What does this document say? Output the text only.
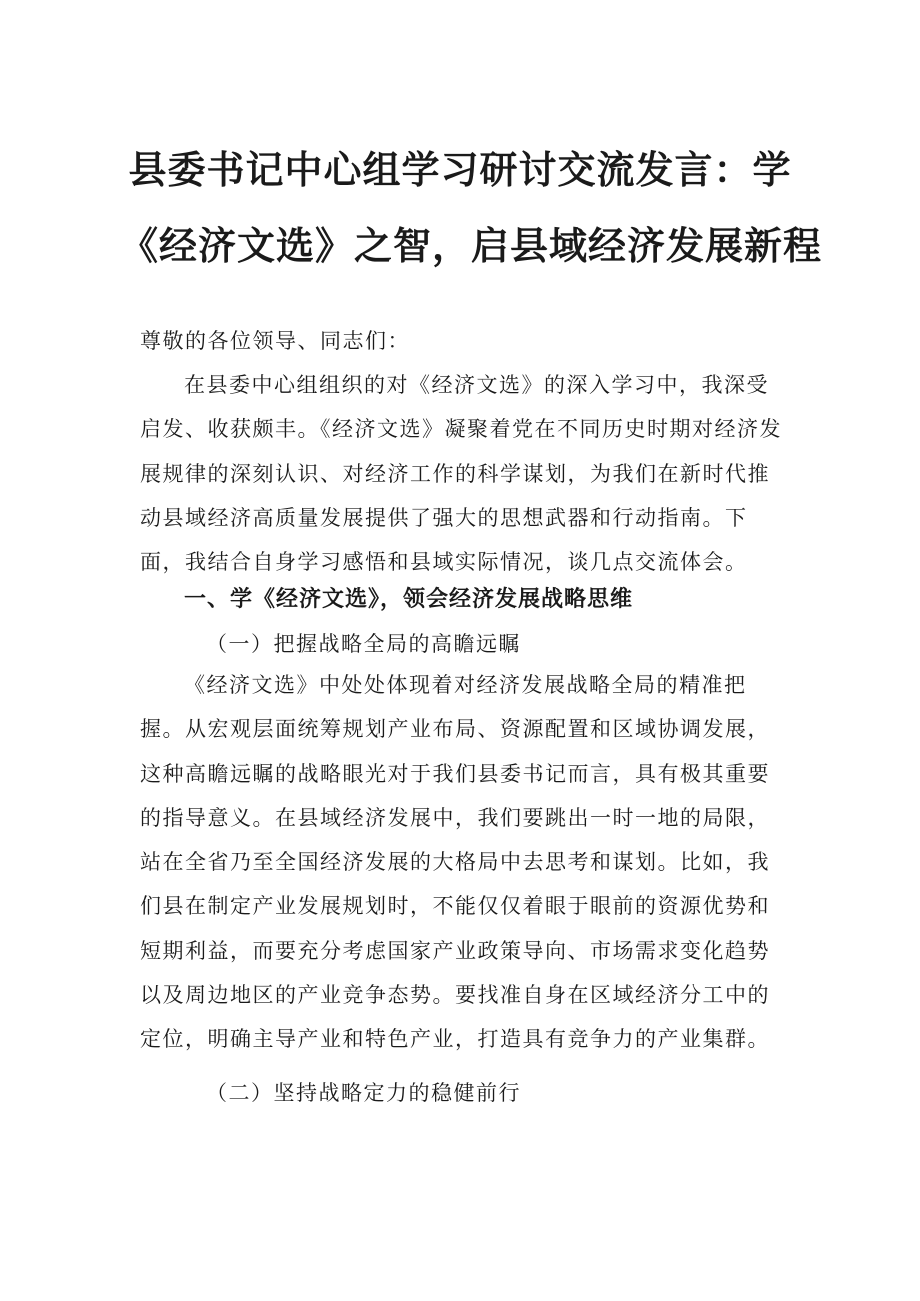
县委书记中心组学习研讨交流发言：学
《经济文选》之智，启县域经济发展新程
尊敬的各位领导、同志们：
在县委中心组组织的对《经济文选》的深入学习中，我深受启发、收获颇丰。《经济文选》凝聚着党在不同历史时期对经济发展规律的深刻认识、对经济工作的科学谋划，为我们在新时代推动县域经济高质量发展提供了强大的思想武器和行动指南。下面，我结合自身学习感悟和县域实际情况，谈几点交流体会。
一、学《经济文选》，领会经济发展战略思维
（一）把握战略全局的高瞻远瞩
《经济文选》中处处体现着对经济发展战略全局的精准把握。从宏观层面统筹规划产业布局、资源配置和区域协调发展，这种高瞻远瞩的战略眼光对于我们县委书记而言，具有极其重要的指导意义。在县域经济发展中，我们要跳出一时一地的局限，站在全省乃至全国经济发展的大格局中去思考和谋划。比如，我们县在制定产业发展规划时，不能仅仅着眼于眼前的资源优势和短期利益，而要充分考虑国家产业政策导向、市场需求变化趋势以及周边地区的产业竞争态势。要找准自身在区域经济分工中的定位，明确主导产业和特色产业，打造具有竞争力的产业集群。
（二）坚持战略定力的稳健前行
